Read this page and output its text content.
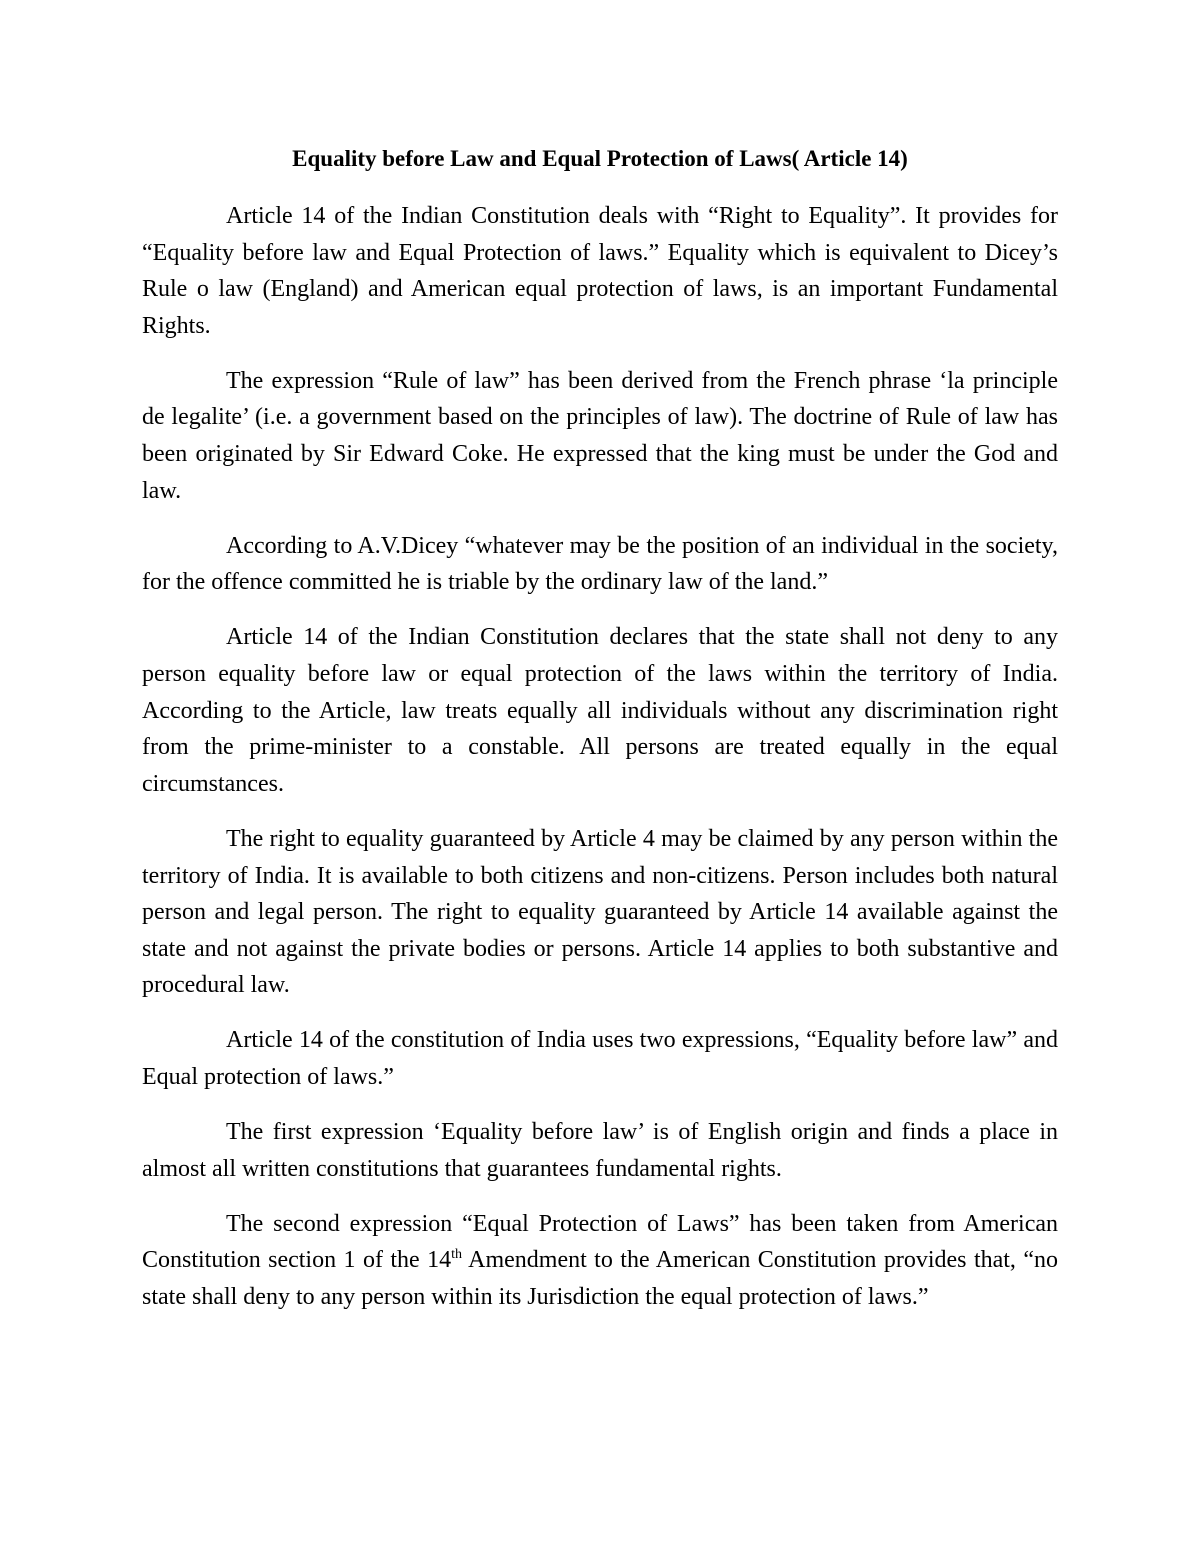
Equality before Law and Equal Protection of Laws( Article 14)

Article 14 of the Indian Constitution deals with “Right to Equality”. It provides for “Equality before law and Equal Protection of laws.” Equality which is equivalent to Dicey’s Rule o law (England) and American equal protection of laws, is an important Fundamental Rights.

The expression “Rule of law” has been derived from the French phrase ‘la principle de legalite’ (i.e. a government based on the principles of law). The doctrine of Rule of law has been originated by Sir Edward Coke. He expressed that the king must be under the God and law.

According to A.V.Dicey “whatever may be the position of an individual in the society, for the offence committed he is triable by the ordinary law of the land.”

Article 14 of the Indian Constitution declares that the state shall not deny to any person equality before law or equal protection of the laws within the territory of India. According to the Article, law treats equally all individuals without any discrimination right from the prime-minister to a constable. All persons are treated equally in the equal circumstances.

The right to equality guaranteed by Article 4 may be claimed by any person within the territory of India. It is available to both citizens and non-citizens. Person includes both natural person and legal person. The right to equality guaranteed by Article 14 available against the state and not against the private bodies or persons. Article 14 applies to both substantive and procedural law.

Article 14 of the constitution of India uses two expressions, “Equality before law” and Equal protection of laws.”

The first expression ‘Equality before law’ is of English origin and finds a place in almost all written constitutions that guarantees fundamental rights.

The second expression “Equal Protection of Laws” has been taken from American Constitution section 1 of the 14th Amendment to the American Constitution provides that, “no state shall deny to any person within its Jurisdiction the equal protection of laws.”
